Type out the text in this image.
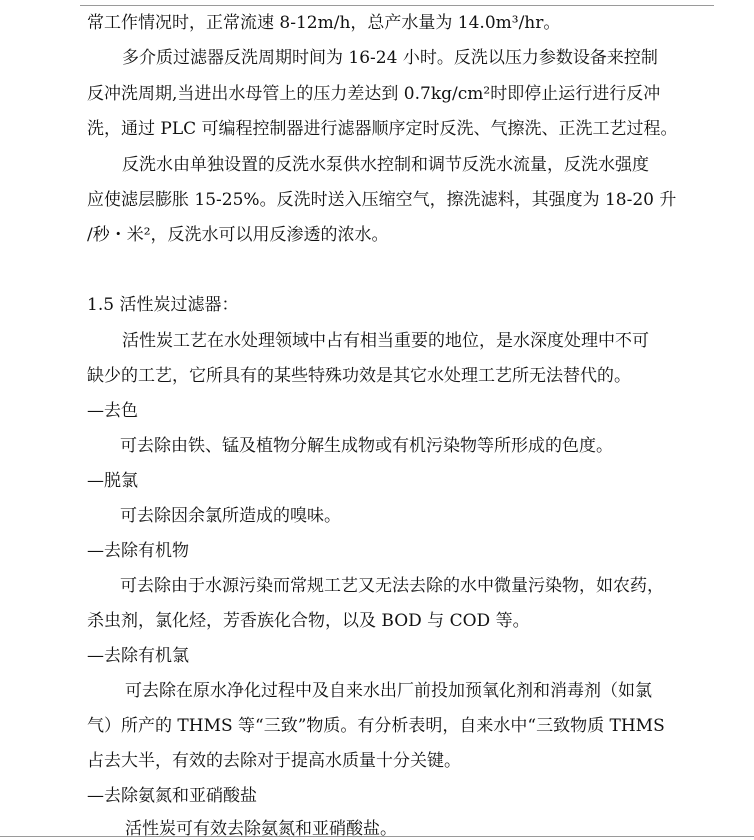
常工作情况时，正常流速 8-12m/h，总产水量为 14.0m³/hr。
多介质过滤器反洗周期时间为 16-24 小时。反洗以压力参数设备来控制
反冲洗周期,当进出水母管上的压力差达到 0.7kg/cm²时即停止运行进行反冲
洗，通过 PLC 可编程控制器进行滤器顺序定时反洗、气擦洗、正洗工艺过程。
反洗水由单独设置的反洗水泵供水控制和调节反洗水流量，反洗水强度
应使滤层膨胀 15-25%。反洗时送入压缩空气，擦洗滤料，其强度为 18-20 升
/秒・米²，反洗水可以用反渗透的浓水。
1.5 活性炭过滤器：
活性炭工艺在水处理领域中占有相当重要的地位，是水深度处理中不可
缺少的工艺，它所具有的某些特殊功效是其它水处理工艺所无法替代的。
—去色
可去除由铁、锰及植物分解生成物或有机污染物等所形成的色度。
—脱氯
可去除因余氯所造成的嗅味。
—去除有机物
可去除由于水源污染而常规工艺又无法去除的水中微量污染物，如农药，
杀虫剂，氯化烃，芳香族化合物，以及 BOD 与 COD 等。
—去除有机氯
可去除在原水净化过程中及自来水出厂前投加预氧化剂和消毒剂（如氯
气）所产的 THMS 等“三致”物质。有分析表明，自来水中“三致物质 THMS
占去大半，有效的去除对于提高水质量十分关键。
—去除氨氮和亚硝酸盐
活性炭可有效去除氨氮和亚硝酸盐。
